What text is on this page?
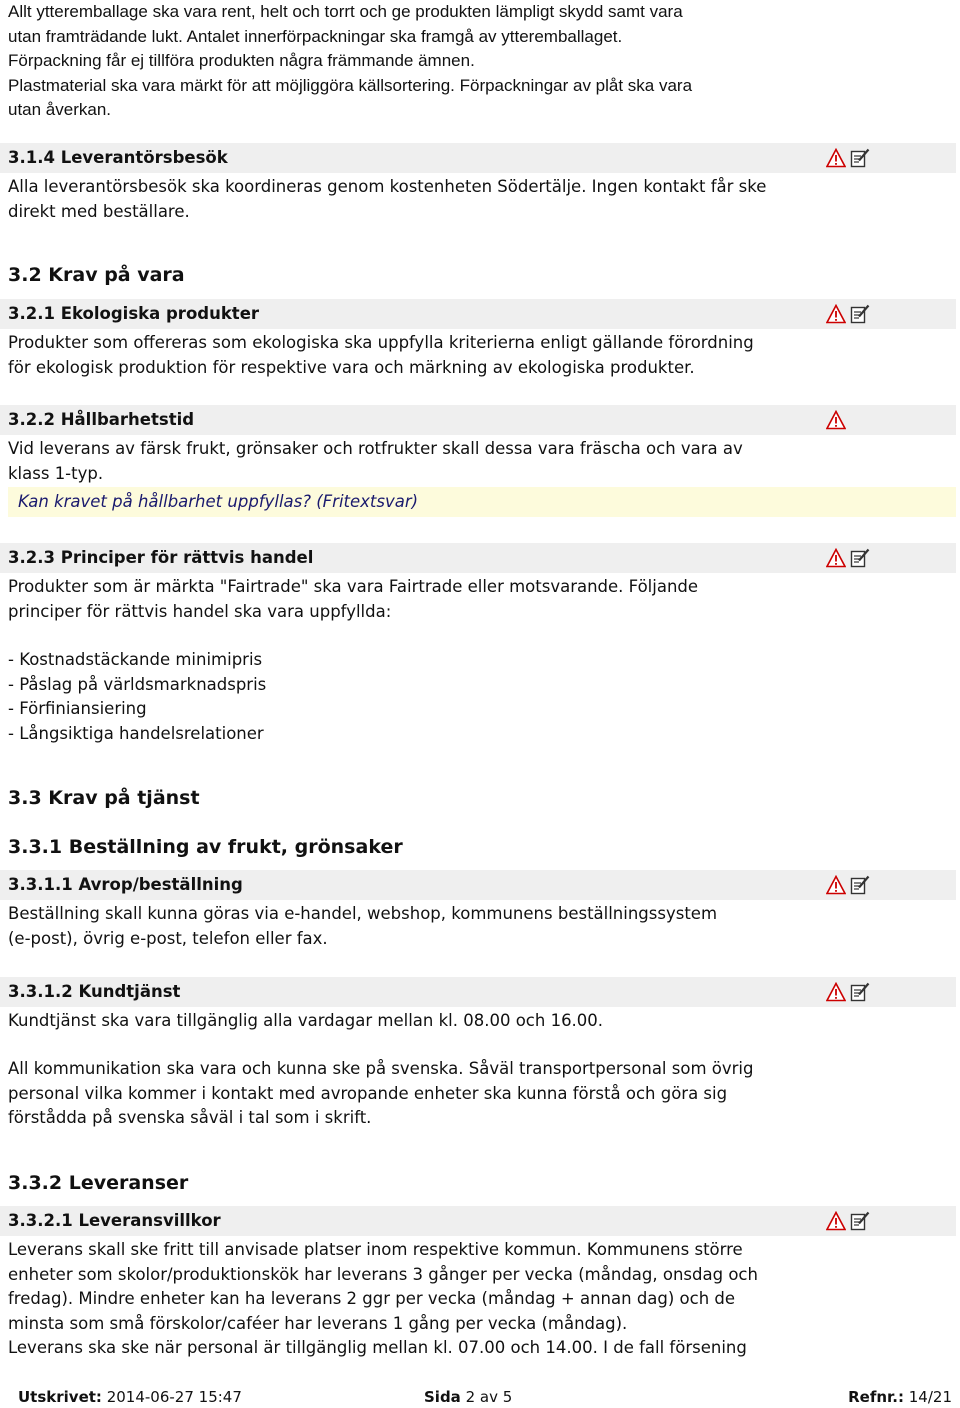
Allt ytteremballage ska vara rent, helt och torrt och ge produkten lämpligt skydd samt vara
utan framträdande lukt. Antalet innerförpackningar ska framgå av ytteremballaget.
Förpackning får ej tillföra produkten några främmande ämnen.
Plastmaterial ska vara märkt för att möjliggöra källsortering. Förpackningar av plåt ska vara
utan åverkan.
3.1.4 Leverantörsbesök
Alla leverantörsbesök ska koordineras genom kostenheten Södertälje. Ingen kontakt får ske
direkt med beställare.
3.2 Krav på vara
3.2.1 Ekologiska produkter
Produkter som offereras som ekologiska ska uppfylla kriterierna enligt gällande förordning
för ekologisk produktion för respektive vara och märkning av ekologiska produkter.
3.2.2 Hållbarhetstid
Vid leverans av färsk frukt, grönsaker och rotfrukter skall dessa vara fräscha och vara av
klass 1-typ.
Kan kravet på hållbarhet uppfyllas? (Fritextsvar)
3.2.3 Principer för rättvis handel
Produkter som är märkta "Fairtrade" ska vara Fairtrade eller motsvarande. Följande
principer för rättvis handel ska vara uppfyllda:
- Kostnadstäckande minimipris
- Påslag på världsmarknadspris
- Förfiniansiering
- Långsiktiga handelsrelationer
3.3 Krav på tjänst
3.3.1 Beställning av frukt, grönsaker
3.3.1.1 Avrop/beställning
Beställning skall kunna göras via e-handel, webshop, kommunens beställningssystem
(e-post), övrig e-post, telefon eller fax.
3.3.1.2 Kundtjänst
Kundtjänst ska vara tillgänglig alla vardagar mellan kl. 08.00 och 16.00.
All kommunikation ska vara och kunna ske på svenska. Såväl transportpersonal som övrig
personal vilka kommer i kontakt med avropande enheter ska kunna förstå och göra sig
förstådda på svenska såväl i tal som i skrift.
3.3.2 Leveranser
3.3.2.1 Leveransvillkor
Leverans skall ske fritt till anvisade platser inom respektive kommun. Kommunens större
enheter som skolor/produktionskök har leverans 3 gånger per vecka (måndag, onsdag och
fredag). Mindre enheter kan ha leverans 2 ggr per vecka (måndag + annan dag) och de
minsta som små förskolor/caféer har leverans 1 gång per vecka (måndag).
Leverans ska ske när personal är tillgänglig mellan kl. 07.00 och 14.00. I de fall försening
Utskrivet: 2014-06-27 15:47	Sida 2 av 5	Refnr.: 14/21
